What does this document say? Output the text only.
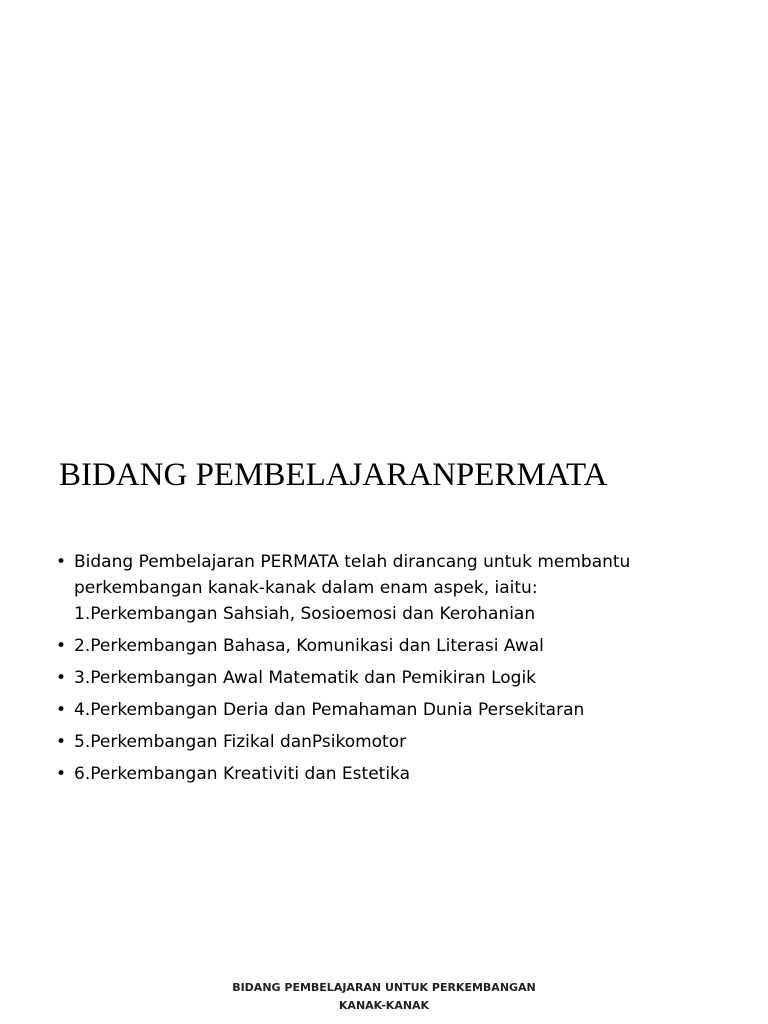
BIDANG PEMBELAJARANPERMATA
• Bidang Pembelajaran PERMATA telah dirancang untuk membantu
perkembangan kanak-kanak dalam enam aspek, iaitu:
1.Perkembangan Sahsiah, Sosioemosi dan Kerohanian
• 2.Perkembangan Bahasa, Komunikasi dan Literasi Awal
• 3.Perkembangan Awal Matematik dan Pemikiran Logik
• 4.Perkembangan Deria dan Pemahaman Dunia Persekitaran
• 5.Perkembangan Fizikal danPsikomotor
• 6.Perkembangan Kreativiti dan Estetika

BIDANG PEMBELAJARAN UNTUK PERKEMBANGAN
KANAK-KANAK
